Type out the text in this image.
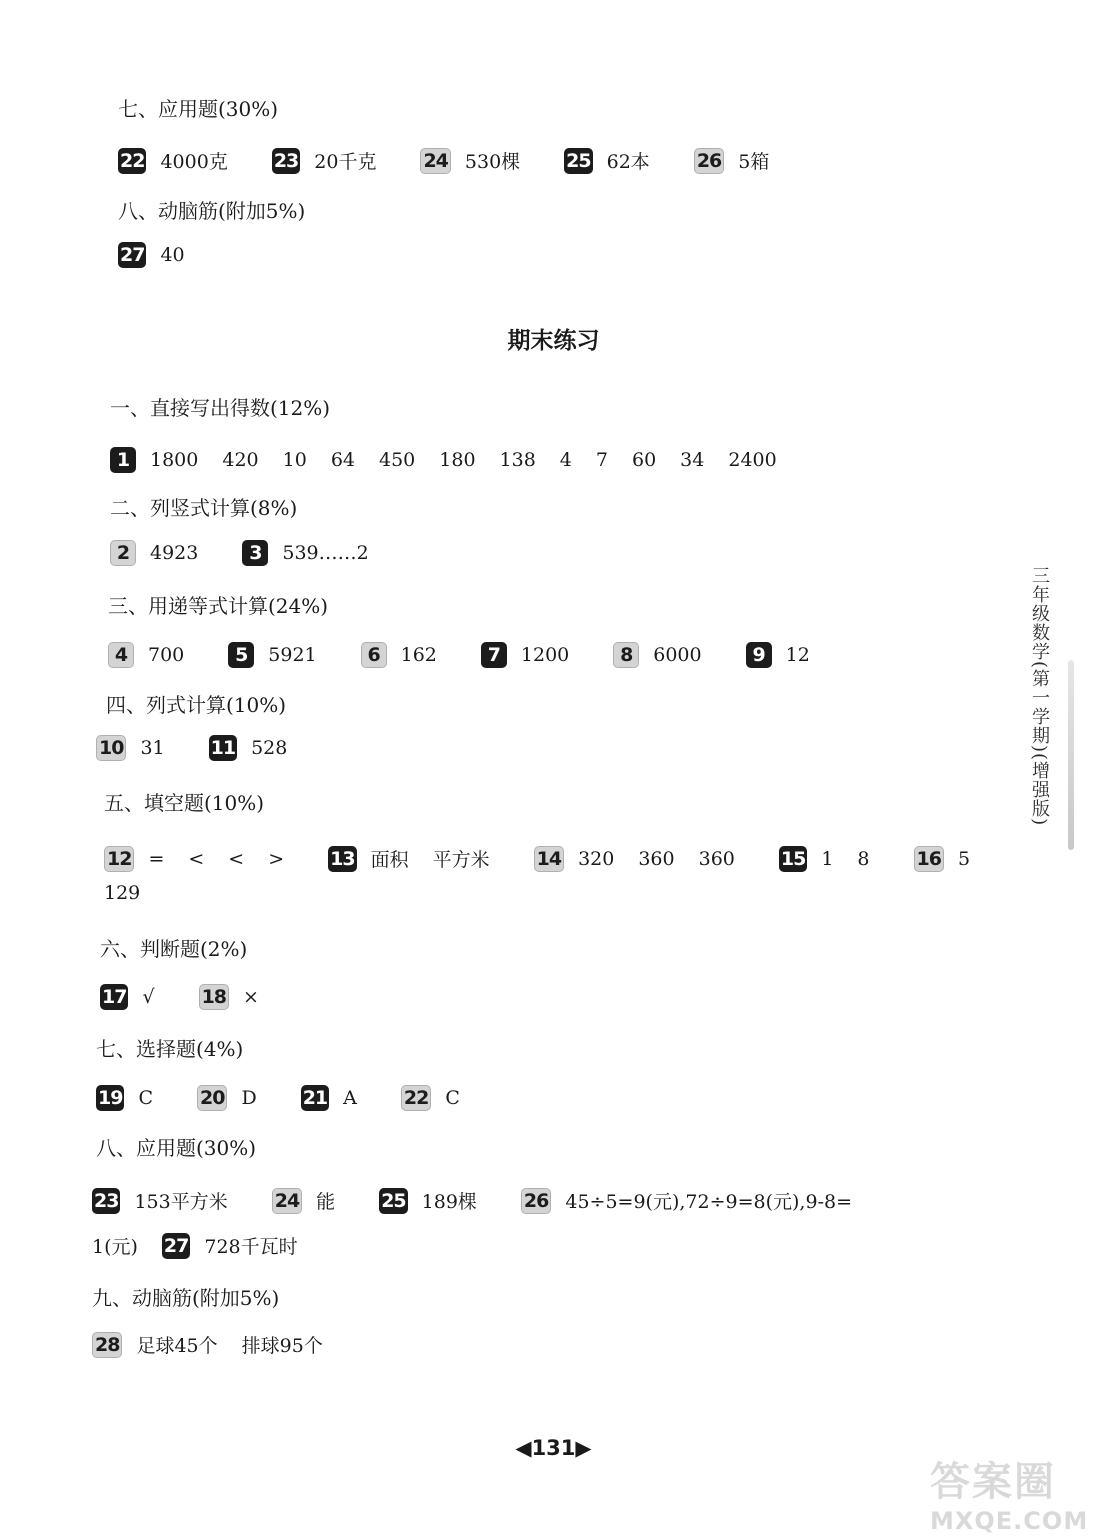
七、应用题(30%)
22 4000克 23 20千克 24 530棵 25 62本 26 5箱
八、动脑筋(附加5%)
27 40
一、直接写出得数(12%)
1	1800 420 10 64 450 180 138 4 7 60 34 2400
二、列竖式计算(8%)
2	4923	3	539……2
三、用递等式计算(24%)
4	700	5	5921	6	162	7	1200	8	6000	9	12
四、列式计算(10%)
10 31 11 528
五、填空题(10%)
12 = < < > 13 面积 平方米 14 320 360 360 15 1 8 16 5
129
六、判断题(2%)
17 √ 18 ×
七、选择题(4%)
19 C 20 D 21 A 22 C
八、应用题(30%)
23 153平方米 24 能 25 189棵 26 45÷5=9(元),72÷9=8(元),9-8=
1(元) 27 728千瓦时
九、动脑筋(附加5%)
28 足球45个 排球95个
期末练习
三年级数学(第一学期)(增强版)
◀131▶
答案圈
MXQE.COM
